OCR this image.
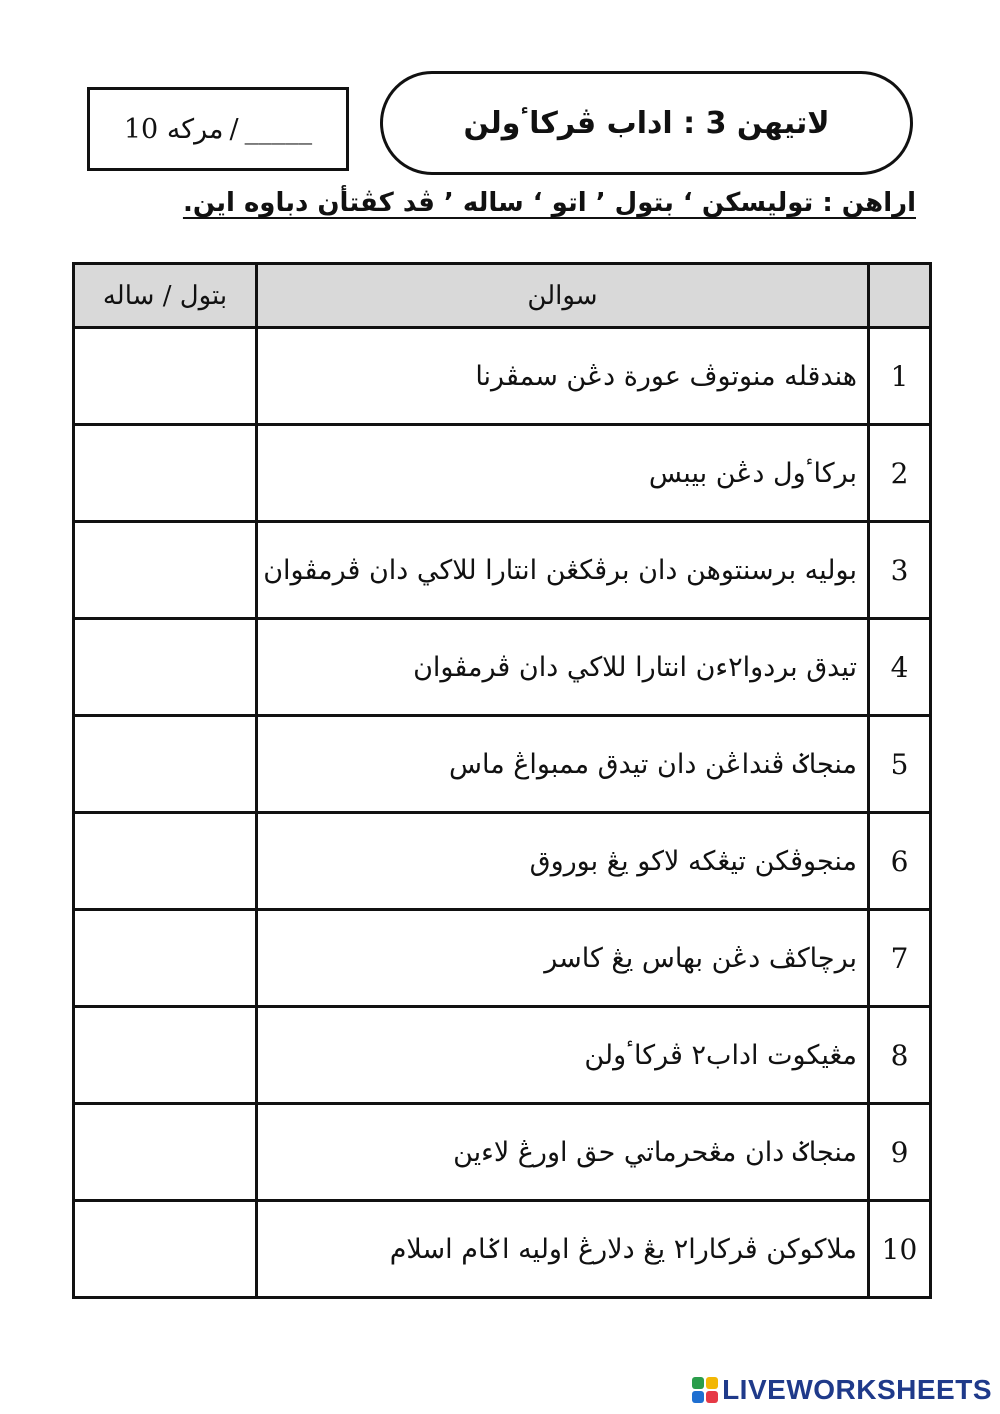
10 مركه / _____	لاتيهن 3 : اداب ڤركاٴولن
اراهن : توليسكن ‘ بتول ’ اتو ‘ ساله ’ ڤد كڤتأن دباوه اين.
	سوالن	بتول / ساله
1	هندقله منوتوڤ عورة دڠن سمڤرنا	
2	بركاٴول دڠن بيبس	
3	بوليه برسنتوهن دان برڤكڠن انتارا للاكي دان ڤرمڤوان	
4	تيدق بردوا٢ءن انتارا للاكي دان ڤرمڤوان	
5	منجاݢ ڤنداڠن دان تيدق ممبواڠ ماس	
6	منجوڤكن تيڠكه لاكو يڠ بوروق	
7	برچاكڤ دڠن بهاس يڠ كاسر	
8	مڠيكوت اداب٢ ڤركاٴولن	
9	منجاݢ دان مڠحرماتي حق اورڠ لاءين	
10	ملاكوكن ڤركارا٢ يڠ دلارڠ اوليه اݢام اسلام	
LIVEWORKSHEETS
